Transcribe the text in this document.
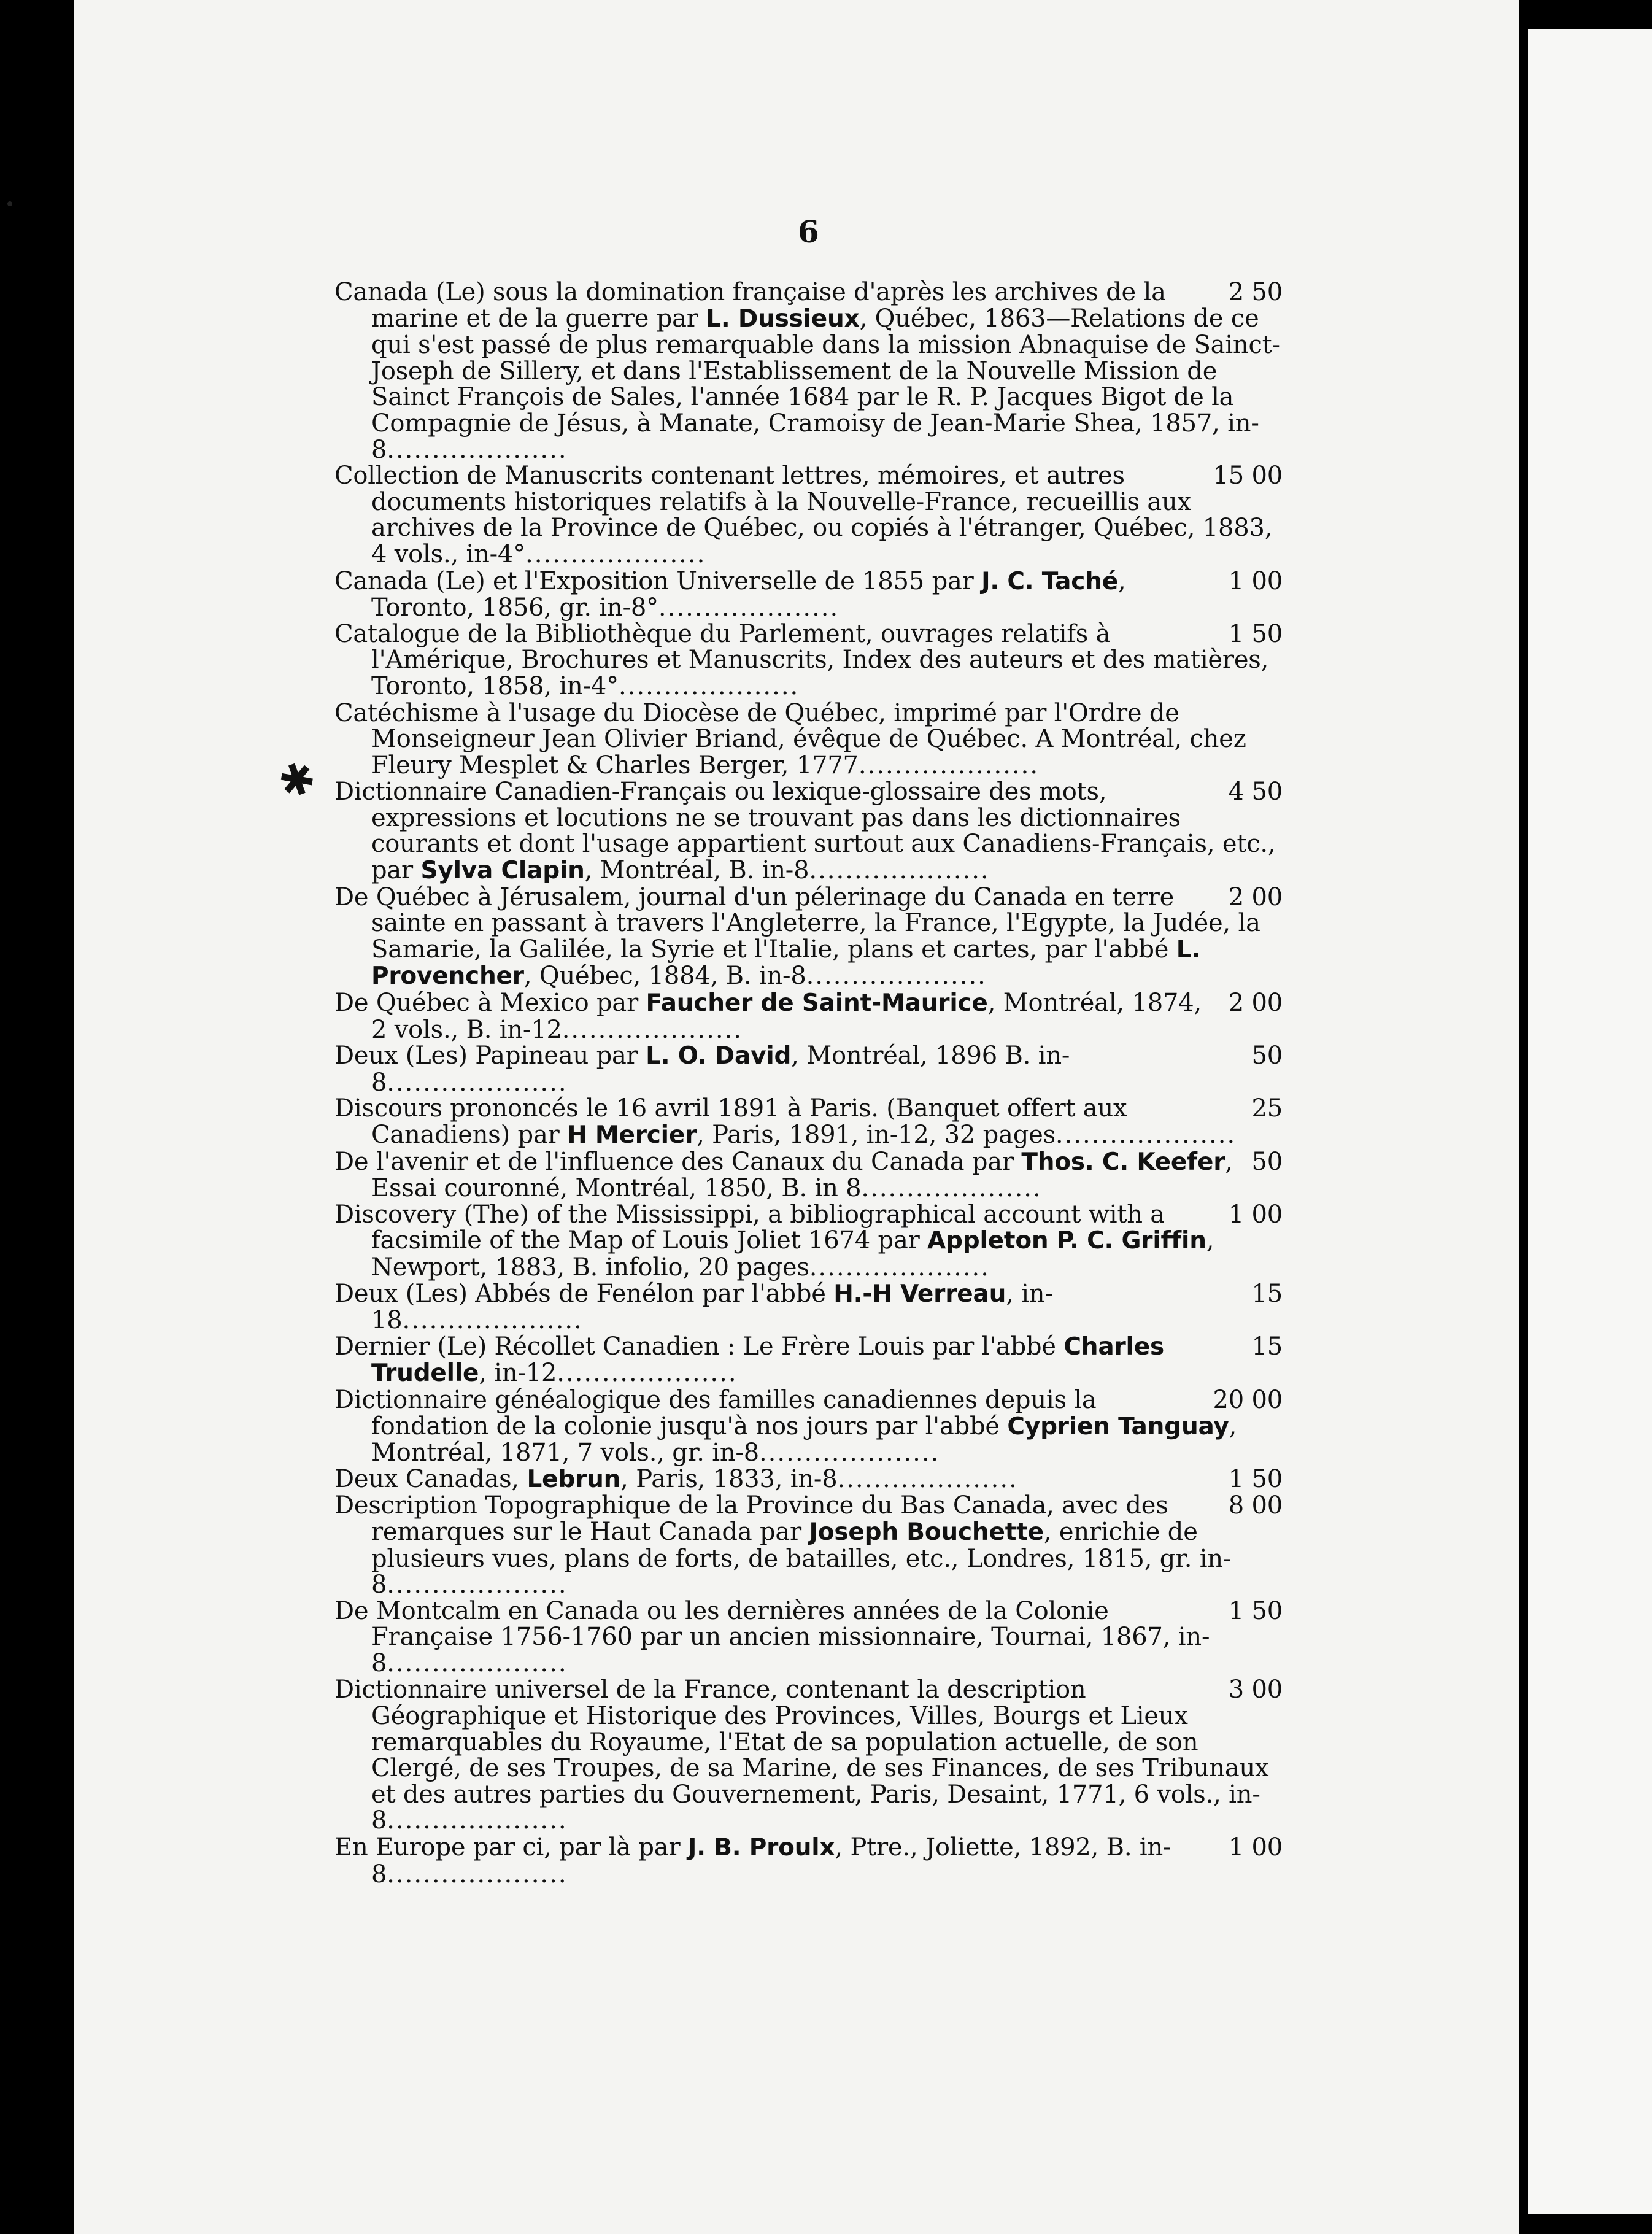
6
✱
2 50
Canada (Le) sous la domination française d'après les archives de la marine et de la guerre par L. Dussieux, Québec, 1863—Relations de ce qui s'est passé de plus remarquable dans la mission Abnaquise de Sainct-Joseph de Sillery, et dans l'Establissement de la Nouvelle Mission de Sainct François de Sales, l'année 1684 par le R. P. Jacques Bigot de la Compagnie de Jésus, à Manate, Cramoisy de Jean-Marie Shea, 1857, in-8....................
15 00
Collection de Manuscrits contenant lettres, mémoires, et autres documents historiques relatifs à la Nouvelle-France, recueillis aux archives de la Province de Québec, ou copiés à l'étranger, Québec, 1883, 4 vols., in-4°....................
1 00
Canada (Le) et l'Exposition Universelle de 1855 par J. C. Taché, Toronto, 1856, gr. in-8°....................
1 50
Catalogue de la Bibliothèque du Parlement, ouvrages relatifs à l'Amérique, Brochures et Manuscrits, Index des auteurs et des matières, Toronto, 1858, in-4°....................
Catéchisme à l'usage du Diocèse de Québec, imprimé par l'Ordre de Monseigneur Jean Olivier Briand, évêque de Québec. A Montréal, chez Fleury Mesplet & Charles Berger, 1777....................
4 50
Dictionnaire Canadien-Français ou lexique-glossaire des mots, expressions et locutions ne se trouvant pas dans les dictionnaires courants et dont l'usage appartient surtout aux Canadiens-Français, etc., par Sylva Clapin, Montréal, B. in-8....................
2 00
De Québec à Jérusalem, journal d'un pélerinage du Canada en terre sainte en passant à travers l'Angleterre, la France, l'Egypte, la Judée, la Samarie, la Galilée, la Syrie et l'Italie, plans et cartes, par l'abbé L. Provencher, Québec, 1884, B. in-8....................
2 00
De Québec à Mexico par Faucher de Saint-Maurice, Montréal, 1874, 2 vols., B. in-12....................
50
Deux (Les) Papineau par L. O. David, Montréal, 1896 B. in-8....................
25
Discours prononcés le 16 avril 1891 à Paris. (Banquet offert aux Canadiens) par H Mercier, Paris, 1891, in-12, 32 pages....................
50
De l'avenir et de l'influence des Canaux du Canada par Thos. C. Keefer, Essai couronné, Montréal, 1850, B. in 8....................
1 00
Discovery (The) of the Mississippi, a bibliographical account with a facsimile of the Map of Louis Joliet 1674 par Appleton P. C. Griffin, Newport, 1883, B. infolio, 20 pages....................
15
Deux (Les) Abbés de Fenélon par l'abbé H.-H Verreau, in-18....................
15
Dernier (Le) Récollet Canadien : Le Frère Louis par l'abbé Charles Trudelle, in-12....................
20 00
Dictionnaire généalogique des familles canadiennes depuis la fondation de la colonie jusqu'à nos jours par l'abbé Cyprien Tanguay, Montréal, 1871, 7 vols., gr. in-8....................
1 50
Deux Canadas, Lebrun, Paris, 1833, in-8....................
8 00
Description Topographique de la Province du Bas Canada, avec des remarques sur le Haut Canada par Joseph Bouchette, enrichie de plusieurs vues, plans de forts, de batailles, etc., Londres, 1815, gr. in-8....................
1 50
De Montcalm en Canada ou les dernières années de la Colonie Française 1756-1760 par un ancien missionnaire, Tournai, 1867, in-8....................
3 00
Dictionnaire universel de la France, contenant la description Géographique et Historique des Provinces, Villes, Bourgs et Lieux remarquables du Royaume, l'Etat de sa population actuelle, de son Clergé, de ses Troupes, de sa Marine, de ses Finances, de ses Tribunaux et des autres parties du Gouvernement, Paris, Desaint, 1771, 6 vols., in-8....................
1 00
En Europe par ci, par là par J. B. Proulx, Ptre., Joliette, 1892, B. in-8....................
